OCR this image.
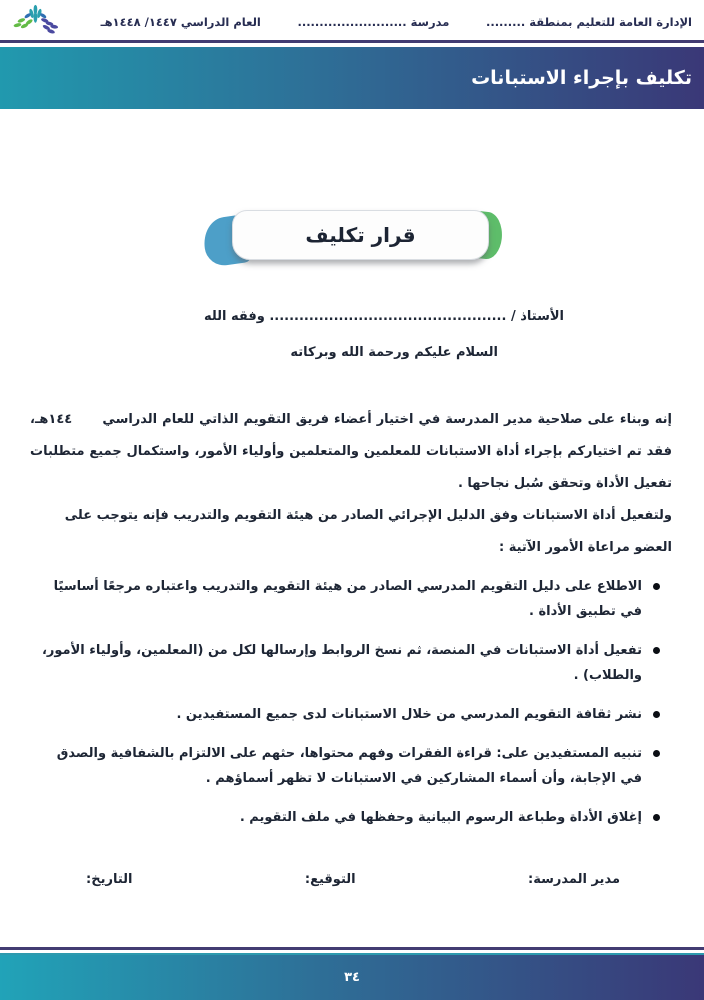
الإدارة العامة للتعليم بمنطقة .........
مدرسة .........................
العام الدراسي ١٤٤٧/ ١٤٤٨هـ
تكليف بإجراء الاستبانات
قرار تكليف
الأستاذ / ................................................ وفقه الله
السلام عليكم ورحمة الله وبركاته

إنه وبناء على صلاحية مدير المدرسة في اختيار أعضاء فريق التقويم الذاتي للعام الدراسي      ١٤٤هـ، فقد تم اختياركم بإجراء أداة الاستبانات للمعلمين والمتعلمين وأولياء الأمور، واستكمال جميع متطلبات تفعيل الأداة وتحقق سُبل نجاحها .

ولتفعيل أداة الاستبانات وفق الدليل الإجرائي الصادر من هيئة التقويم والتدريب فإنه يتوجب على العضو مراعاة الأمور الآتية :

الاطلاع على دليل التقويم المدرسي الصادر من هيئة التقويم والتدريب واعتباره مرجعًا أساسيًا في تطبيق الأداة .
تفعيل أداة الاستبانات في المنصة، ثم نسخ الروابط وإرسالها لكل من (المعلمين، وأولياء الأمور، والطلاب) .
نشر ثقافة التقويم المدرسي من خلال الاستبانات لدى جميع المستفيدين .
تنبيه المستفيدين على: قراءة الفقرات وفهم محتواها، حثهم على الالتزام بالشفافية والصدق في الإجابة، وأن أسماء المشاركين في الاستبانات لا تظهر أسماؤهم .
إغلاق الأداة وطباعة الرسوم البيانية وحفظها في ملف التقويم .
مدير المدرسة:
التوقيع:
التاريخ:
٣٤
